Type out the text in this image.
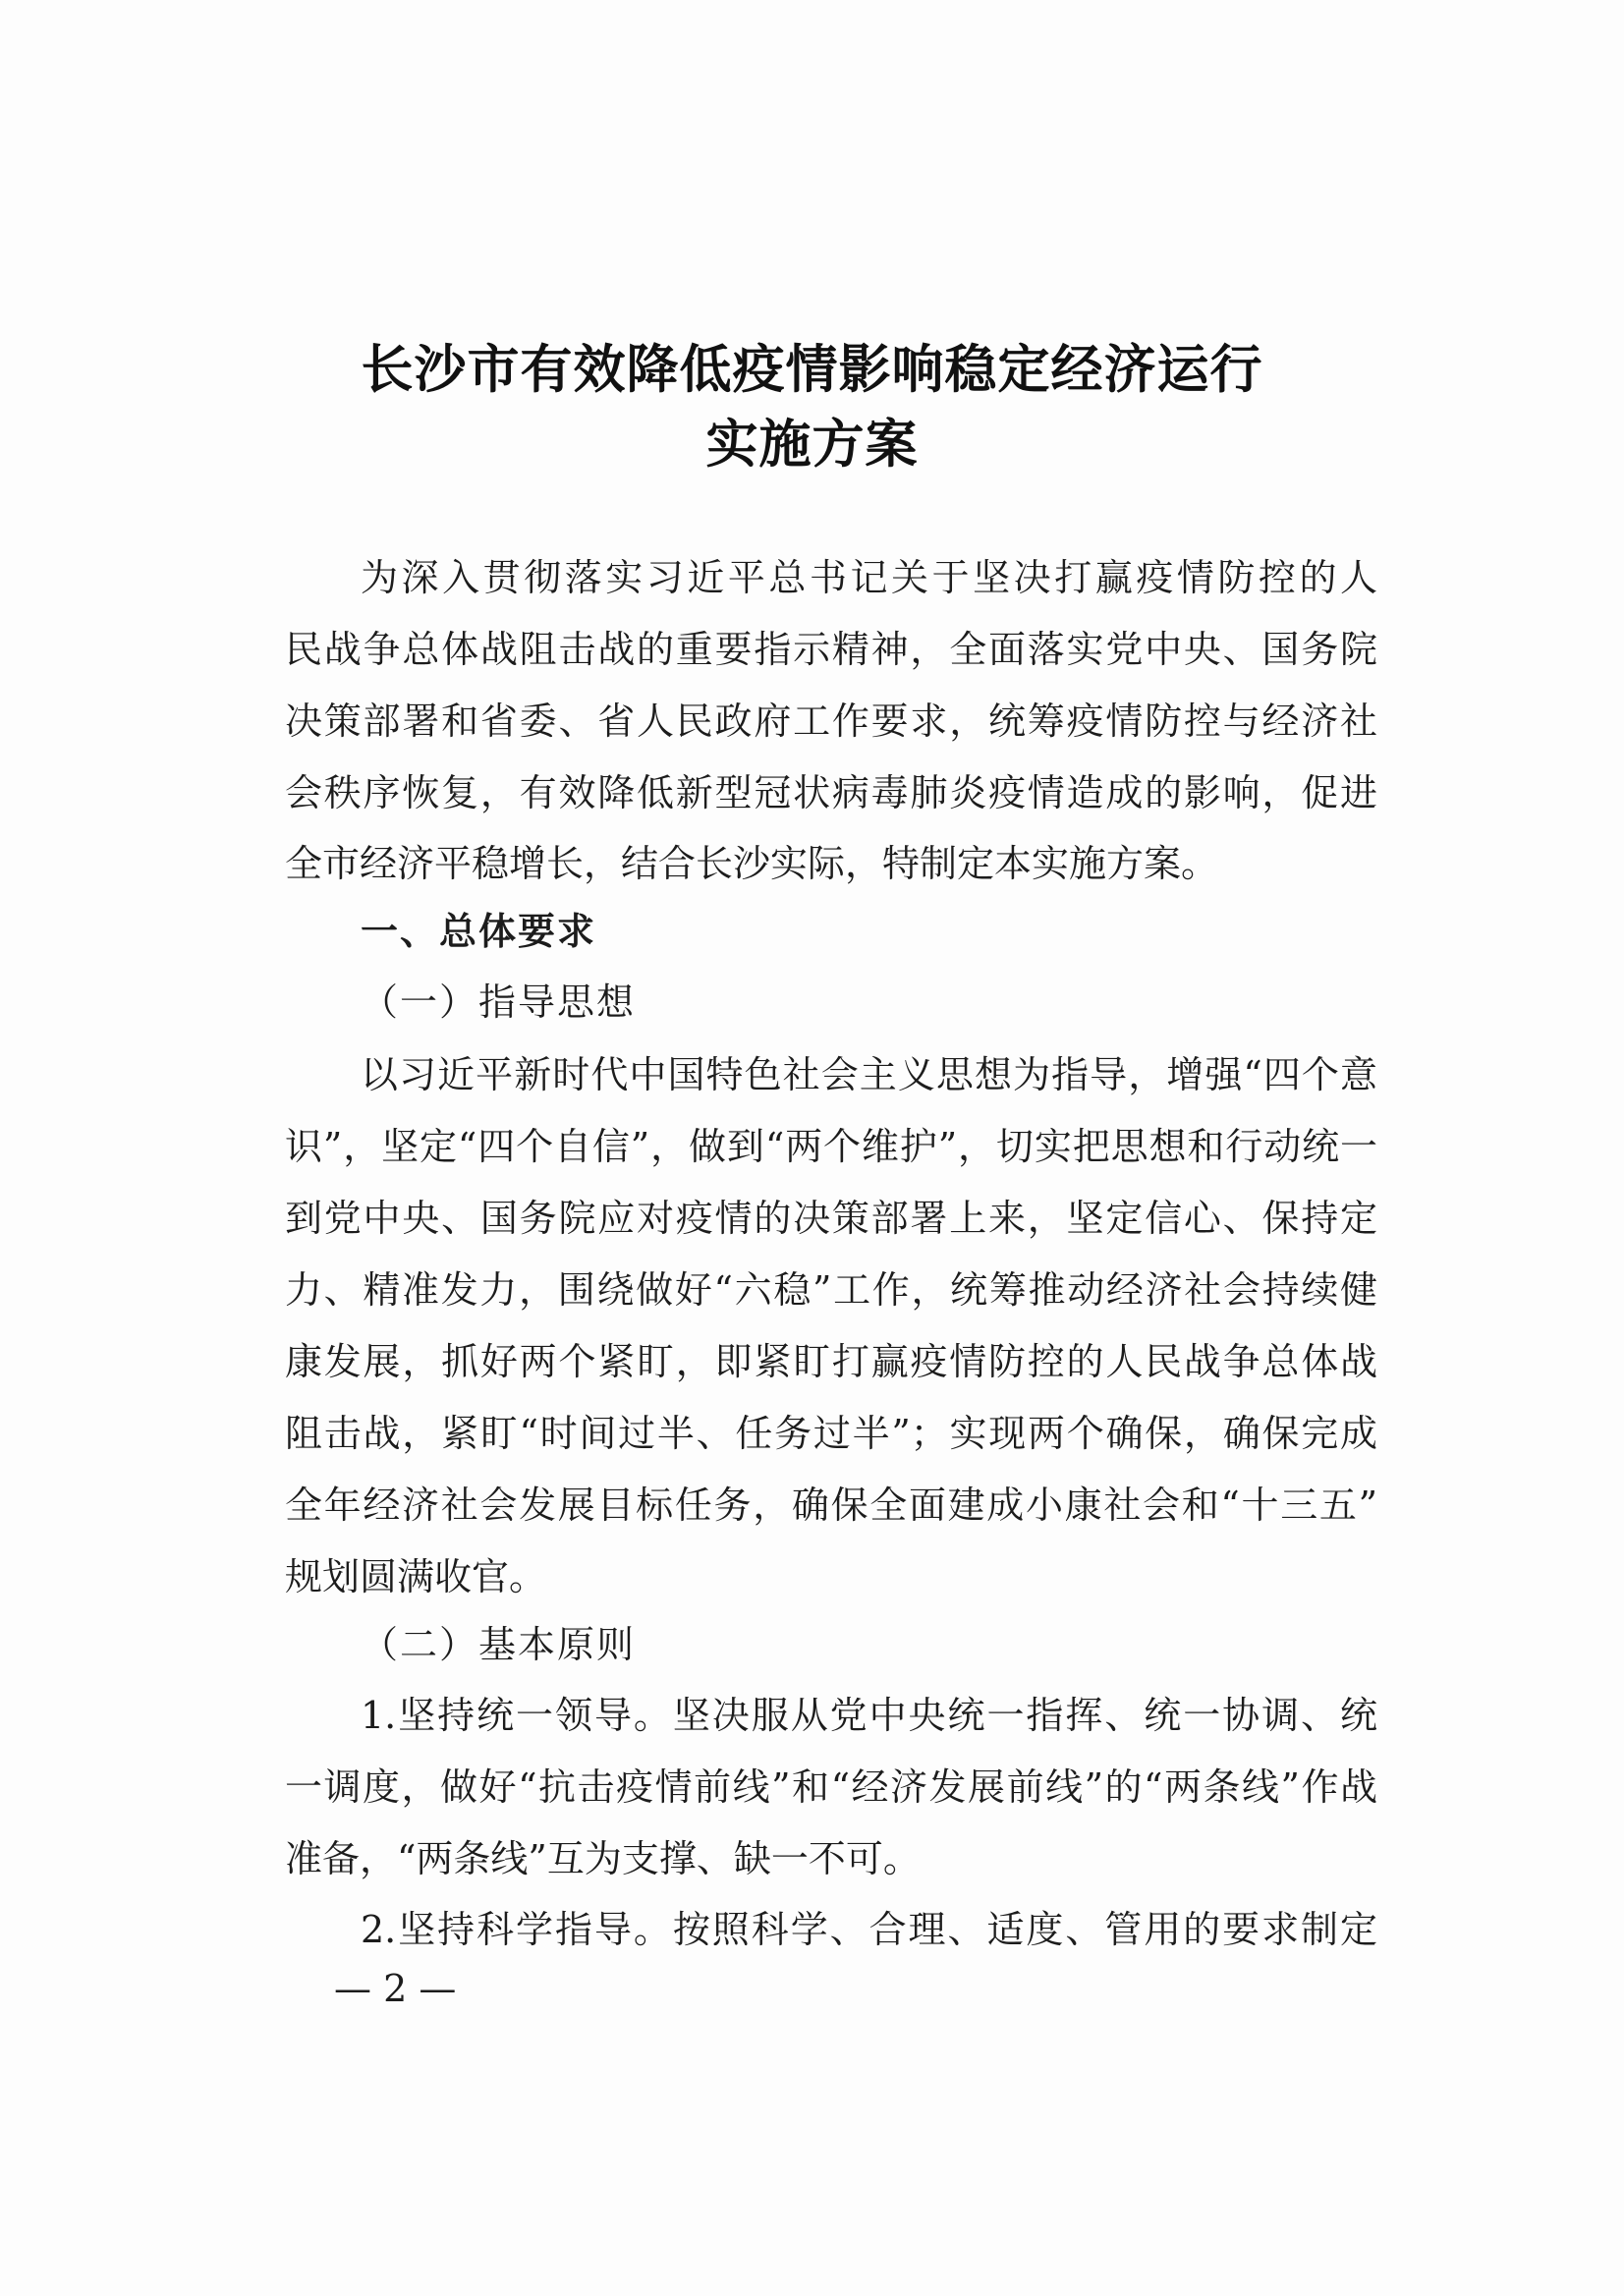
长沙市有效降低疫情影响稳定经济运行
实施方案
为深入贯彻落实习近平总书记关于坚决打赢疫情防控的人
民战争总体战阻击战的重要指示精神，全面落实党中央、国务院
决策部署和省委、省人民政府工作要求，统筹疫情防控与经济社
会秩序恢复，有效降低新型冠状病毒肺炎疫情造成的影响，促进
全市经济平稳增长，结合长沙实际，特制定本实施方案。
一、总体要求
（一）指导思想
以习近平新时代中国特色社会主义思想为指导，增强“四个意
识”，坚定“四个自信”，做到“两个维护”，切实把思想和行动统一
到党中央、国务院应对疫情的决策部署上来，坚定信心、保持定
力、精准发力，围绕做好“六稳”工作，统筹推动经济社会持续健
康发展，抓好两个紧盯，即紧盯打赢疫情防控的人民战争总体战
阻击战，紧盯“时间过半、任务过半”；实现两个确保，确保完成
全年经济社会发展目标任务，确保全面建成小康社会和“十三五”
规划圆满收官。
（二）基本原则
1.坚持统一领导。坚决服从党中央统一指挥、统一协调、统
一调度，做好“抗击疫情前线”和“经济发展前线”的“两条线”作战
准备，“两条线”互为支撑、缺一不可。
2.坚持科学指导。按照科学、合理、适度、管用的要求制定
— 2 —
